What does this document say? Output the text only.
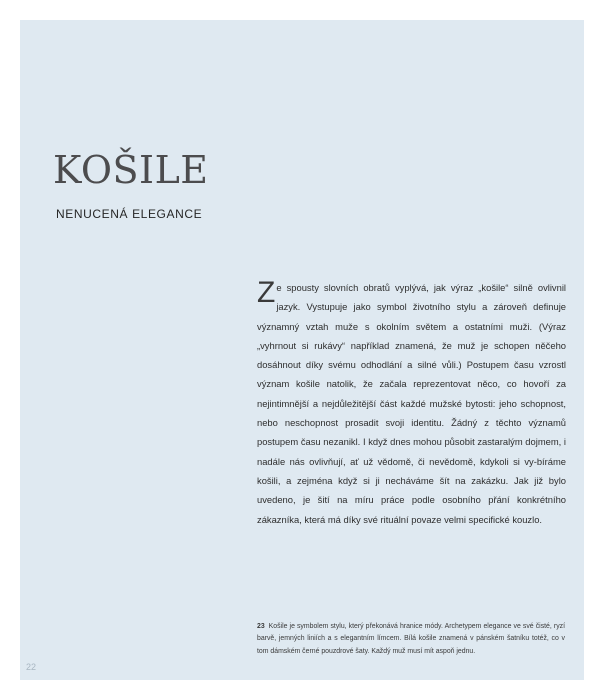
KOŠILE
NENUCENÁ ELEGANCE

Ze spousty slovních obratů vyplývá, jak výraz „košile“ silně ovlivnil jazyk. Vystupuje jako symbol životního stylu a zároveň definuje významný vztah muže s okolním světem a ostatními muži. (Výraz „vyhrnout si rukávy“ například znamená, že muž je schopen něčeho dosáhnout díky svému odhodlání a silné vůli.) Postupem času vzrostl význam košile natolik, že začala reprezentovat něco, co hovoří za nejintimnější a nejdůležitější část každé mužské bytosti: jeho schopnost, nebo neschopnost prosadit svoji identitu. Žádný z těchto významů postupem času nezanikl. I když dnes mohou působit zastaralým dojmem, i nadále nás ovlivňují, ať už vědomě, či nevědomě, kdykoli si vy-bíráme košili, a zejména když si ji necháváme šít na zakázku. Jak již bylo uvedeno, je šití na míru práce podle osobního přání konkrétního zákazníka, která má díky své rituální povaze velmi specifické kouzlo.

23 Košile je symbolem stylu, který překonává hranice módy. Archetypem elegance ve své čisté, ryzí barvě, jemných liniích a s elegantním límcem. Bílá košile znamená v pánském šatníku totéž, co v tom dámském černé pouzdrové šaty. Každý muž musí mít aspoň jednu.

22
